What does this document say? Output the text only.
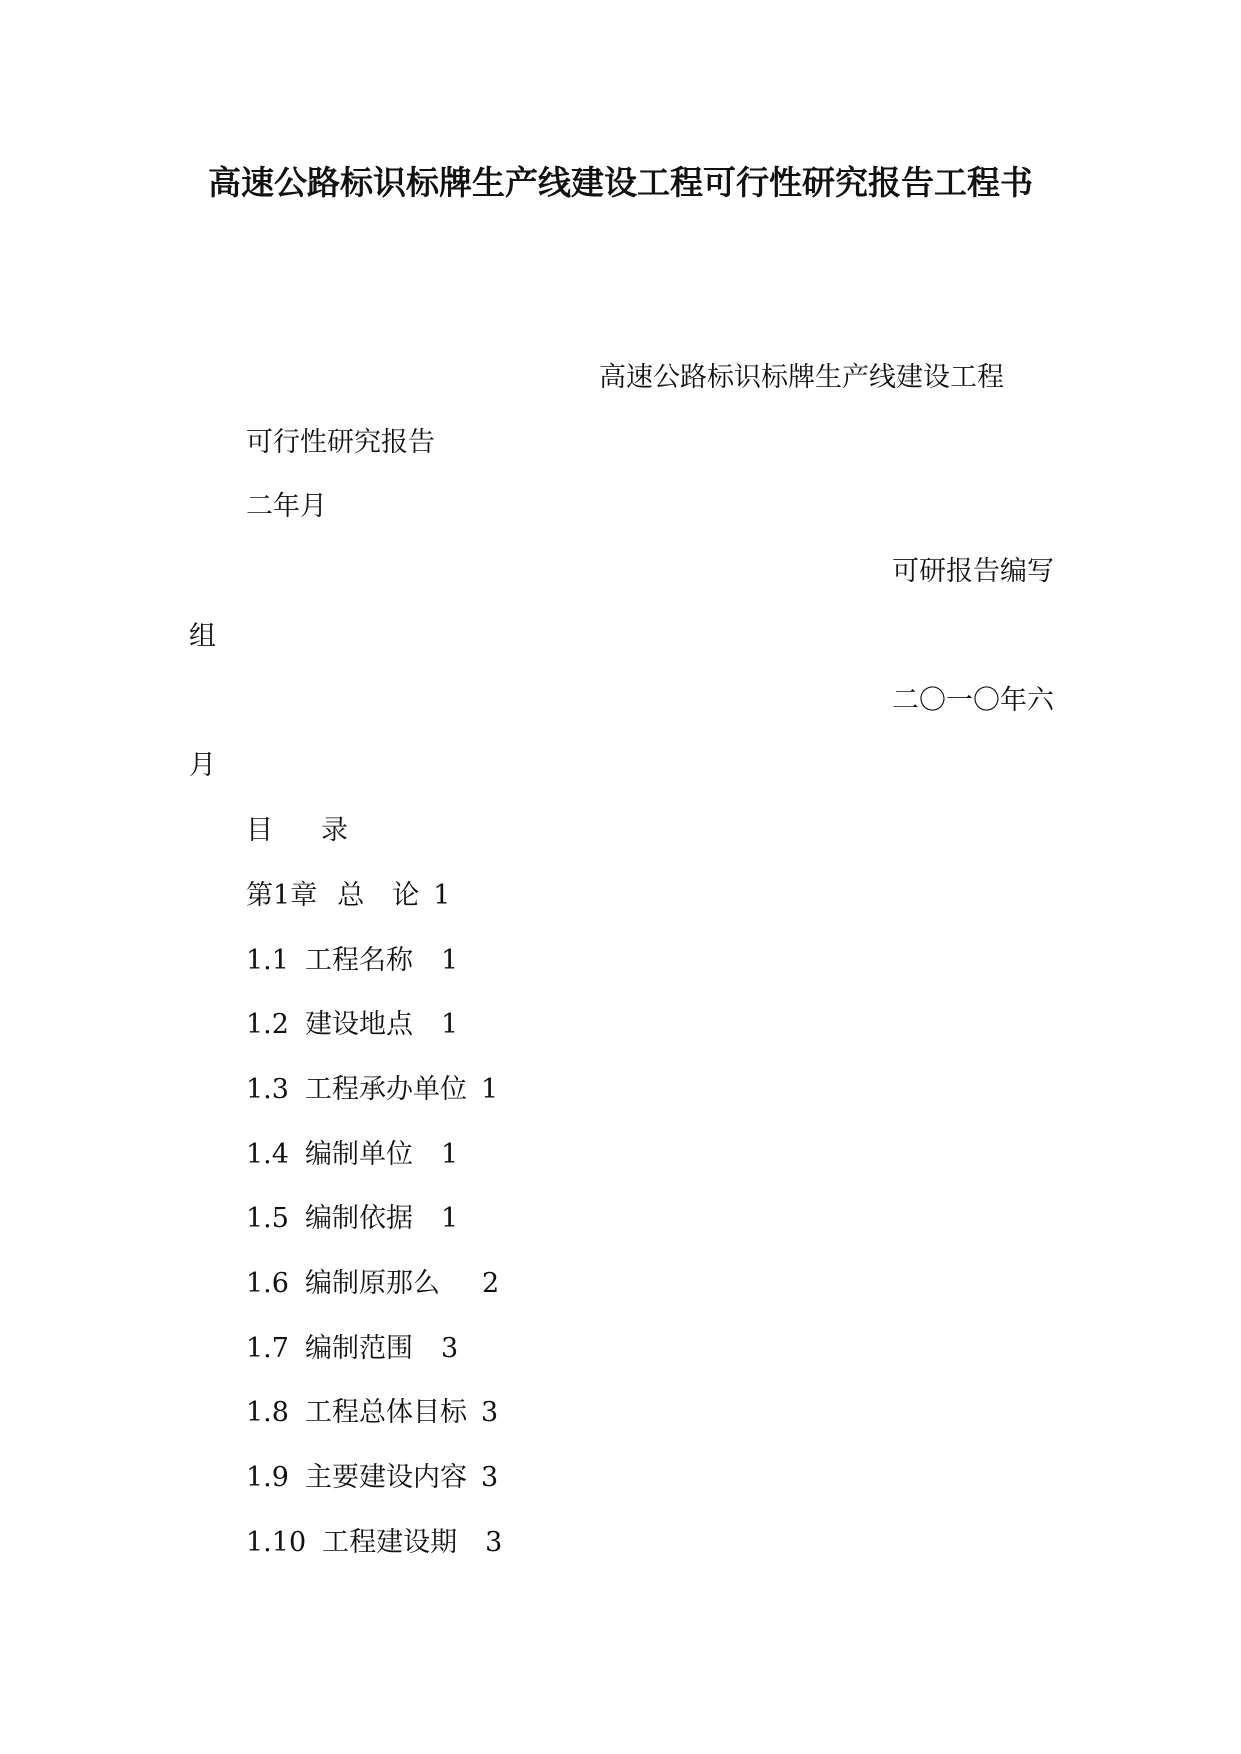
高速公路标识标牌生产线建设工程可行性研究报告工程书
高速公路标识标牌生产线建设工程
可行性研究报告
二年月
可研报告编写
组
二〇一〇年六
月
目 录
第1章 总 论 1
1.1 工程名称 1
1.2 建设地点 1
1.3 工程承办单位 1
1.4 编制单位 1
1.5 编制依据 1
1.6 编制原那么 2
1.7 编制范围 3
1.8 工程总体目标 3
1.9 主要建设内容 3
1.10 工程建设期 3
